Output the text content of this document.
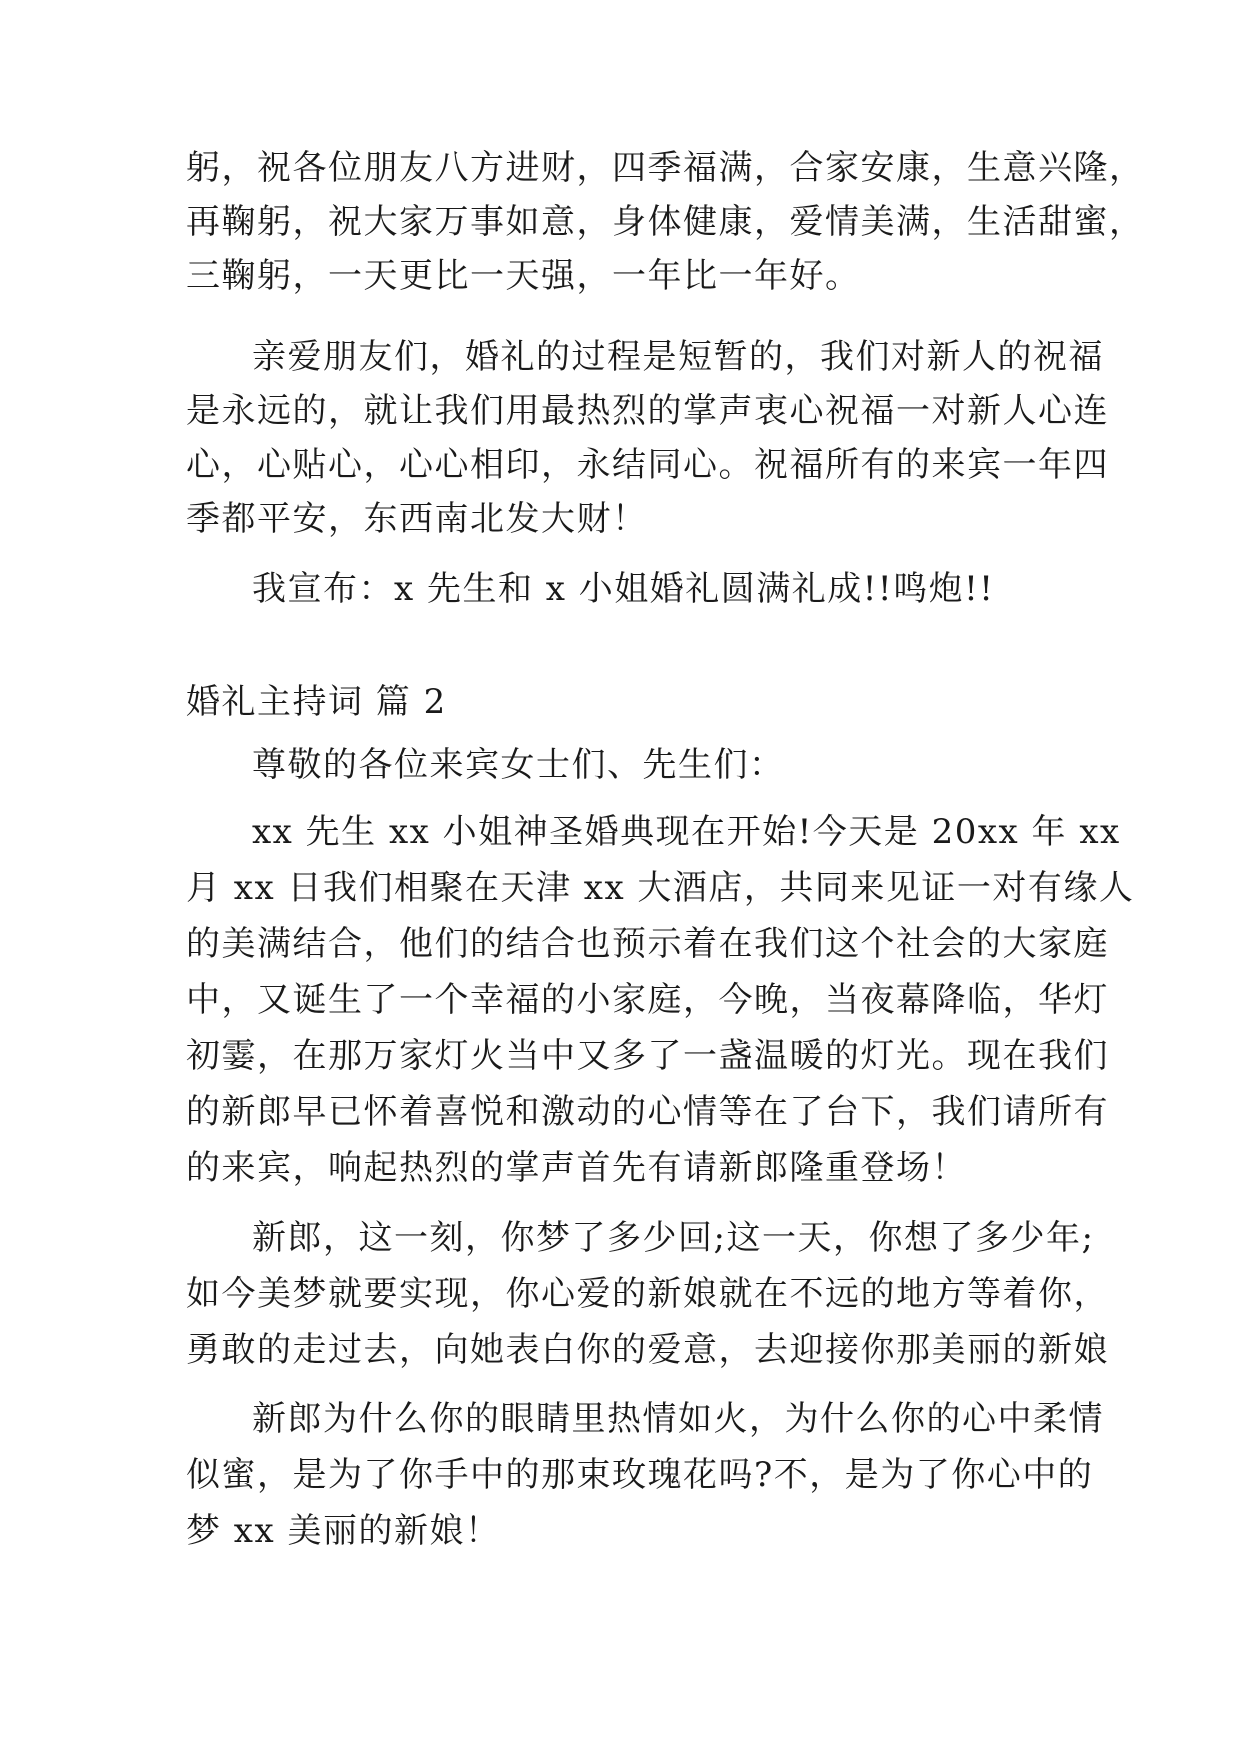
躬，祝各位朋友八方进财，四季福满，合家安康，生意兴隆，

再鞠躬，祝大家万事如意，身体健康，爱情美满，生活甜蜜，

三鞠躬，一天更比一天强，一年比一年好。

亲爱朋友们，婚礼的过程是短暂的，我们对新人的祝福

是永远的，就让我们用最热烈的掌声衷心祝福一对新人心连

心，心贴心，心心相印，永结同心。祝福所有的来宾一年四

季都平安，东西南北发大财！

我宣布：x 先生和 x 小姐婚礼圆满礼成!!鸣炮!!

婚礼主持词 篇 2

尊敬的各位来宾女士们、先生们：

xx 先生 xx 小姐神圣婚典现在开始!今天是 20xx 年 xx

月 xx 日我们相聚在天津 xx 大酒店，共同来见证一对有缘人

的美满结合，他们的结合也预示着在我们这个社会的大家庭

中，又诞生了一个幸福的小家庭，今晚，当夜幕降临，华灯

初霎，在那万家灯火当中又多了一盏温暖的灯光。现在我们

的新郎早已怀着喜悦和激动的心情等在了台下，我们请所有

的来宾，响起热烈的掌声首先有请新郎隆重登场！

新郎，这一刻，你梦了多少回;这一天，你想了多少年;

如今美梦就要实现，你心爱的新娘就在不远的地方等着你，

勇敢的走过去，向她表白你的爱意，去迎接你那美丽的新娘

新郎为什么你的眼睛里热情如火，为什么你的心中柔情

似蜜，是为了你手中的那束玫瑰花吗?不，是为了你心中的

梦 xx 美丽的新娘！
